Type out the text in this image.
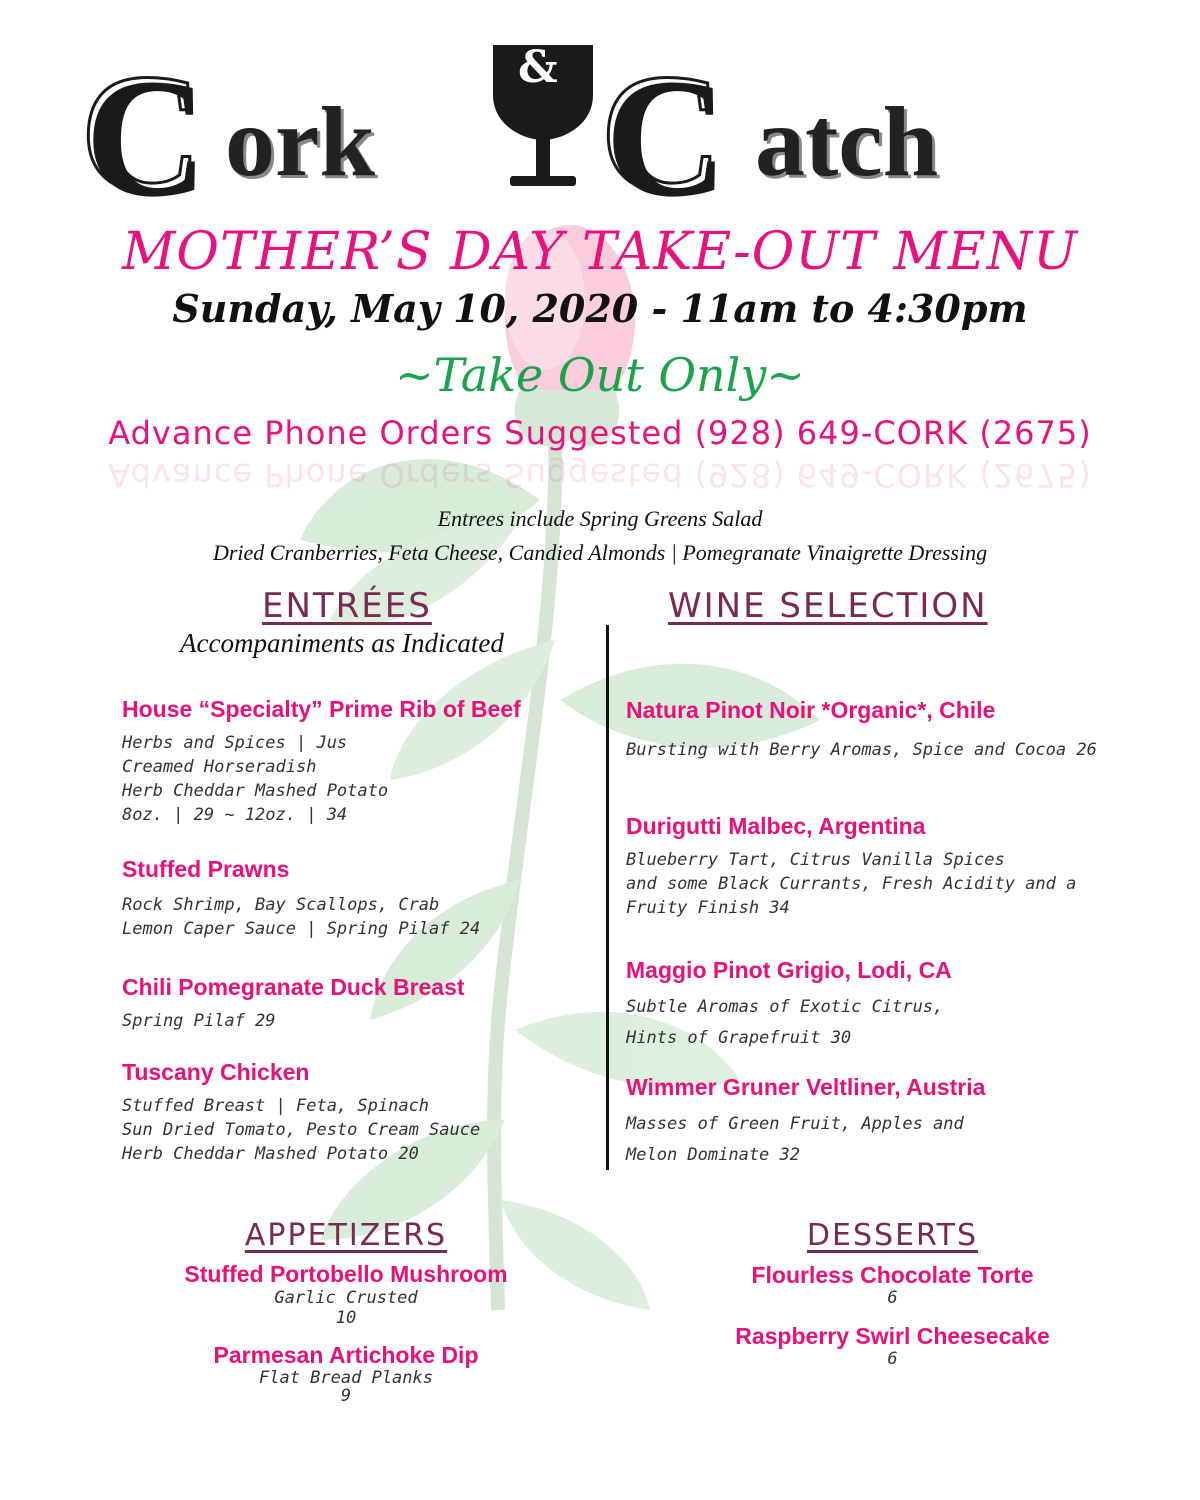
C ork
& C atch
MOTHER’S DAY TAKE-OUT MENU
Sunday, May 10, 2020 - 11am to 4:30pm
~Take Out Only~
Advance Phone Orders Suggested (928) 649-CORK (2675)
Advance Phone Orders Suggested (928) 649-CORK (2675)
Entrees include Spring Greens Salad
Dried Cranberries, Feta Cheese, Candied Almonds | Pomegranate Vinaigrette Dressing
ENTRÉES
Accompaniments as Indicated
House “Specialty” Prime Rib of Beef
Herbs and Spices | Jus
Creamed Horseradish
Herb Cheddar Mashed Potato
8oz. | 29 ~ 12oz. | 34
Stuffed Prawns
Rock Shrimp, Bay Scallops, Crab
Lemon Caper Sauce | Spring Pilaf 24
Chili Pomegranate Duck Breast
Spring Pilaf 29
Tuscany Chicken
Stuffed Breast | Feta, Spinach
Sun Dried Tomato, Pesto Cream Sauce
Herb Cheddar Mashed Potato 20
WINE SELECTION
Natura Pinot Noir *Organic*, Chile
Bursting with Berry Aromas, Spice and Cocoa 26
Durigutti Malbec, Argentina
Blueberry Tart, Citrus Vanilla Spices
and some Black Currants, Fresh Acidity and a
Fruity Finish 34
Maggio Pinot Grigio, Lodi, CA
Subtle Aromas of Exotic Citrus,
Hints of Grapefruit 30
Wimmer Gruner Veltliner, Austria
Masses of Green Fruit, Apples and
Melon Dominate 32
APPETIZERS
Stuffed Portobello Mushroom
Garlic Crusted
10
Parmesan Artichoke Dip
Flat Bread Planks
9
DESSERTS
Flourless Chocolate Torte
6
Raspberry Swirl Cheesecake
6
